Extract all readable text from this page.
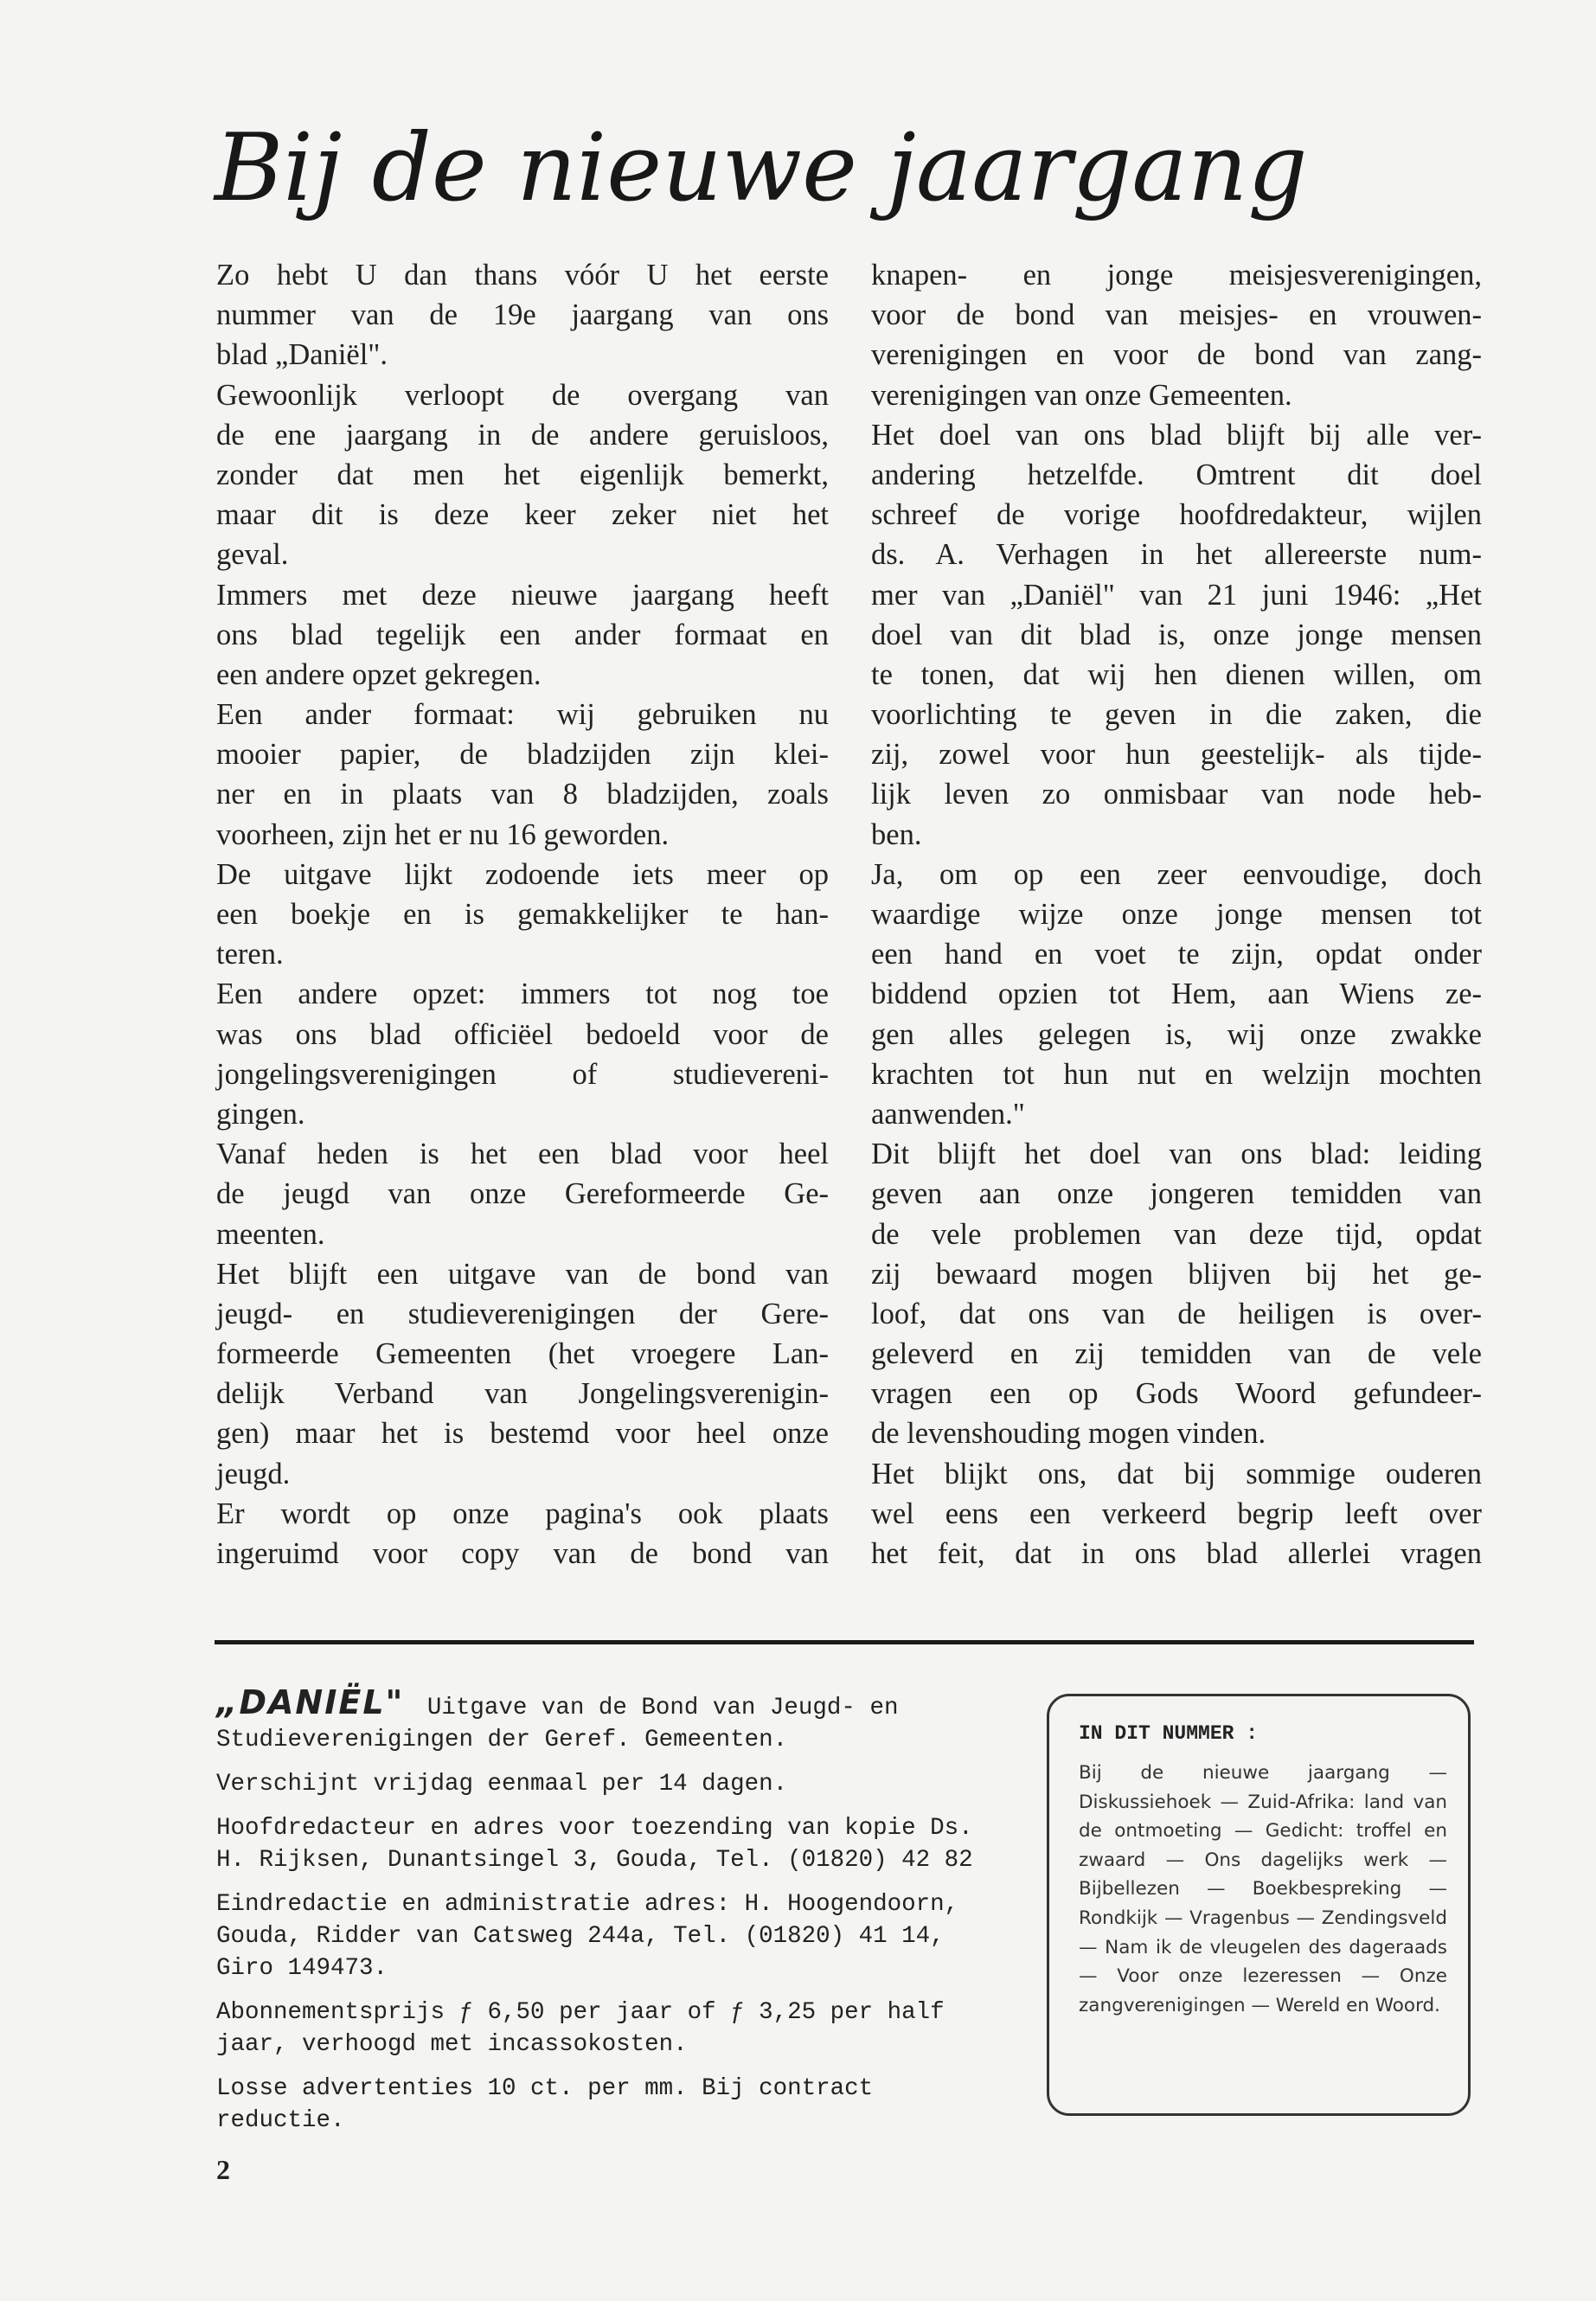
Bij de nieuwe jaargang
Zo hebt U dan thans vóór U het eerste
nummer van de 19e jaargang van ons
blad „Daniël".
Gewoonlijk verloopt de overgang van
de ene jaargang in de andere geruisloos,
zonder dat men het eigenlijk bemerkt,
maar dit is deze keer zeker niet het
geval.
Immers met deze nieuwe jaargang heeft
ons blad tegelijk een ander formaat en
een andere opzet gekregen.
Een ander formaat: wij gebruiken nu
mooier papier, de bladzijden zijn klei-
ner en in plaats van 8 bladzijden, zoals
voorheen, zijn het er nu 16 geworden.
De uitgave lijkt zodoende iets meer op
een boekje en is gemakkelijker te han-
teren.
Een andere opzet: immers tot nog toe
was ons blad officiëel bedoeld voor de
jongelingsverenigingen of studievereni-
gingen.
Vanaf heden is het een blad voor heel
de jeugd van onze Gereformeerde Ge-
meenten.
Het blijft een uitgave van de bond van
jeugd- en studieverenigingen der Gere-
formeerde Gemeenten (het vroegere Lan-
delijk Verband van Jongelingsverenigin-
gen) maar het is bestemd voor heel onze
jeugd.
Er wordt op onze pagina's ook plaats
ingeruimd voor copy van de bond van
knapen- en jonge meisjesverenigingen,
voor de bond van meisjes- en vrouwen-
verenigingen en voor de bond van zang-
verenigingen van onze Gemeenten.
Het doel van ons blad blijft bij alle ver-
andering hetzelfde. Omtrent dit doel
schreef de vorige hoofdredakteur, wijlen
ds. A. Verhagen in het allereerste num-
mer van „Daniël" van 21 juni 1946: „Het
doel van dit blad is, onze jonge mensen
te tonen, dat wij hen dienen willen, om
voorlichting te geven in die zaken, die
zij, zowel voor hun geestelijk- als tijde-
lijk leven zo onmisbaar van node heb-
ben.
Ja, om op een zeer eenvoudige, doch
waardige wijze onze jonge mensen tot
een hand en voet te zijn, opdat onder
biddend opzien tot Hem, aan Wiens ze-
gen alles gelegen is, wij onze zwakke
krachten tot hun nut en welzijn mochten
aanwenden."
Dit blijft het doel van ons blad: leiding
geven aan onze jongeren temidden van
de vele problemen van deze tijd, opdat
zij bewaard mogen blijven bij het ge-
loof, dat ons van de heiligen is over-
geleverd en zij temidden van de vele
vragen een op Gods Woord gefundeer-
de levenshouding mogen vinden.
Het blijkt ons, dat bij sommige ouderen
wel eens een verkeerd begrip leeft over
het feit, dat in ons blad allerlei vragen

„DANIËL" Uitgave van de Bond van Jeugd- en Studieverenigingen der Geref. Gemeenten.

Verschijnt vrijdag eenmaal per 14 dagen.

Hoofdredacteur en adres voor toezending van kopie Ds. H. Rijksen, Dunantsingel 3, Gouda, Tel. (01820) 42 82

Eindredactie en administratie adres: H. Hoogendoorn, Gouda, Ridder van Catsweg 244a, Tel. (01820) 41 14, Giro 149473.

Abonnementsprijs ƒ 6,50 per jaar of ƒ 3,25 per half jaar, verhoogd met incassokosten.

Losse advertenties 10 ct. per mm. Bij contract reductie.

IN DIT NUMMER :
Bij de nieuwe jaargang — Diskussiehoek — Zuid-Afrika: land van de ontmoeting — Gedicht: troffel en zwaard — Ons dagelijks werk — Bijbellezen — Boekbespreking — Rondkijk — Vragenbus — Zendingsveld — Nam ik de vleugelen des dageraads — Voor onze lezeressen — Onze zangverenigingen — Wereld en Woord.
2
